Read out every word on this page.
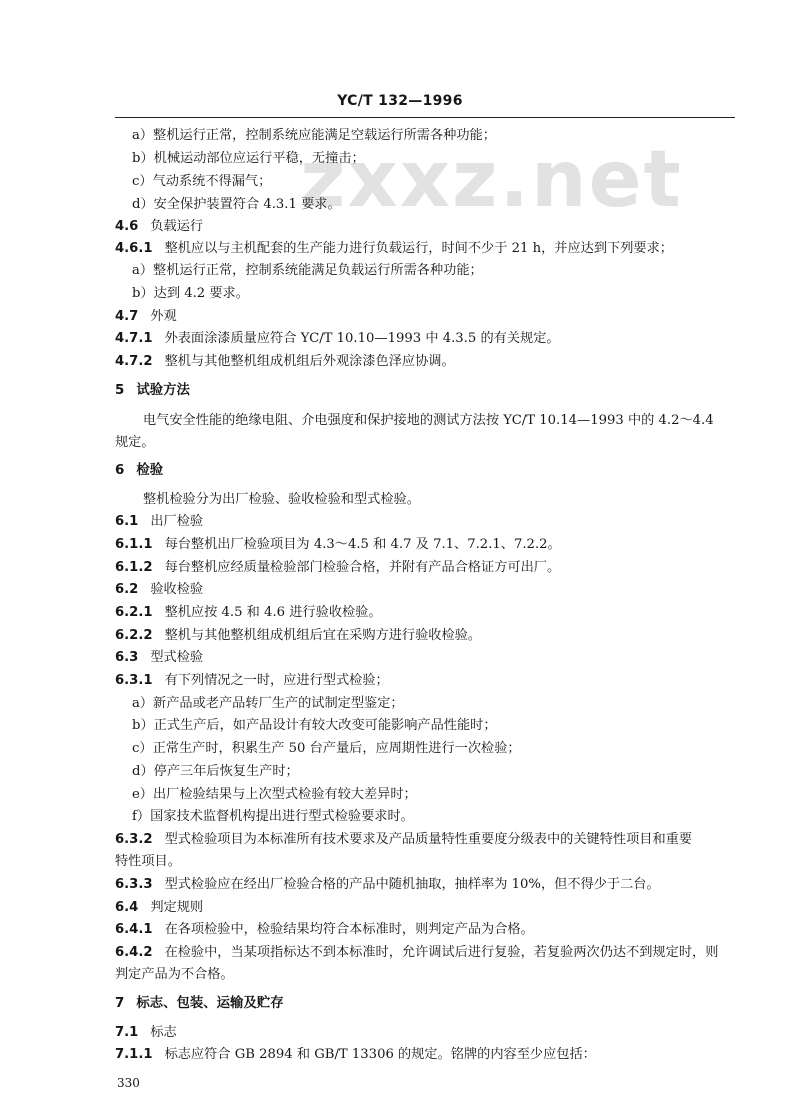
zxxz.net
YC/T 132—1996
a）整机运行正常，控制系统应能满足空载运行所需各种功能；
b）机械运动部位应运行平稳，无撞击；
c）气动系统不得漏气；
d）安全保护装置符合 4.3.1 要求。
4.6 负载运行
4.6.1 整机应以与主机配套的生产能力进行负载运行，时间不少于 21 h，并应达到下列要求；
a）整机运行正常，控制系统能满足负载运行所需各种功能；
b）达到 4.2 要求。
4.7 外观
4.7.1 外表面涂漆质量应符合 YC/T 10.10—1993 中 4.3.5 的有关规定。
4.7.2 整机与其他整机组成机组后外观涂漆色泽应协调。
5 试验方法
电气安全性能的绝缘电阻、介电强度和保护接地的测试方法按 YC/T 10.14—1993 中的 4.2～4.4
规定。
6 检验
整机检验分为出厂检验、验收检验和型式检验。
6.1 出厂检验
6.1.1 每台整机出厂检验项目为 4.3～4.5 和 4.7 及 7.1、7.2.1、7.2.2。
6.1.2 每台整机应经质量检验部门检验合格，并附有产品合格证方可出厂。
6.2 验收检验
6.2.1 整机应按 4.5 和 4.6 进行验收检验。
6.2.2 整机与其他整机组成机组后宜在采购方进行验收检验。
6.3 型式检验
6.3.1 有下列情况之一时，应进行型式检验；
a）新产品或老产品转厂生产的试制定型鉴定；
b）正式生产后，如产品设计有较大改变可能影响产品性能时；
c）正常生产时，积累生产 50 台产量后，应周期性进行一次检验；
d）停产三年后恢复生产时；
e）出厂检验结果与上次型式检验有较大差异时；
f）国家技术监督机构提出进行型式检验要求时。
6.3.2 型式检验项目为本标准所有技术要求及产品质量特性重要度分级表中的关键特性项目和重要
特性项目。
6.3.3 型式检验应在经出厂检验合格的产品中随机抽取，抽样率为 10%，但不得少于二台。
6.4 判定规则
6.4.1 在各项检验中，检验结果均符合本标准时，则判定产品为合格。
6.4.2 在检验中，当某项指标达不到本标准时，允许调试后进行复验，若复验两次仍达不到规定时，则
判定产品为不合格。
7 标志、包装、运输及贮存
7.1 标志
7.1.1 标志应符合 GB 2894 和 GB/T 13306 的规定。铭牌的内容至少应包括：
330
